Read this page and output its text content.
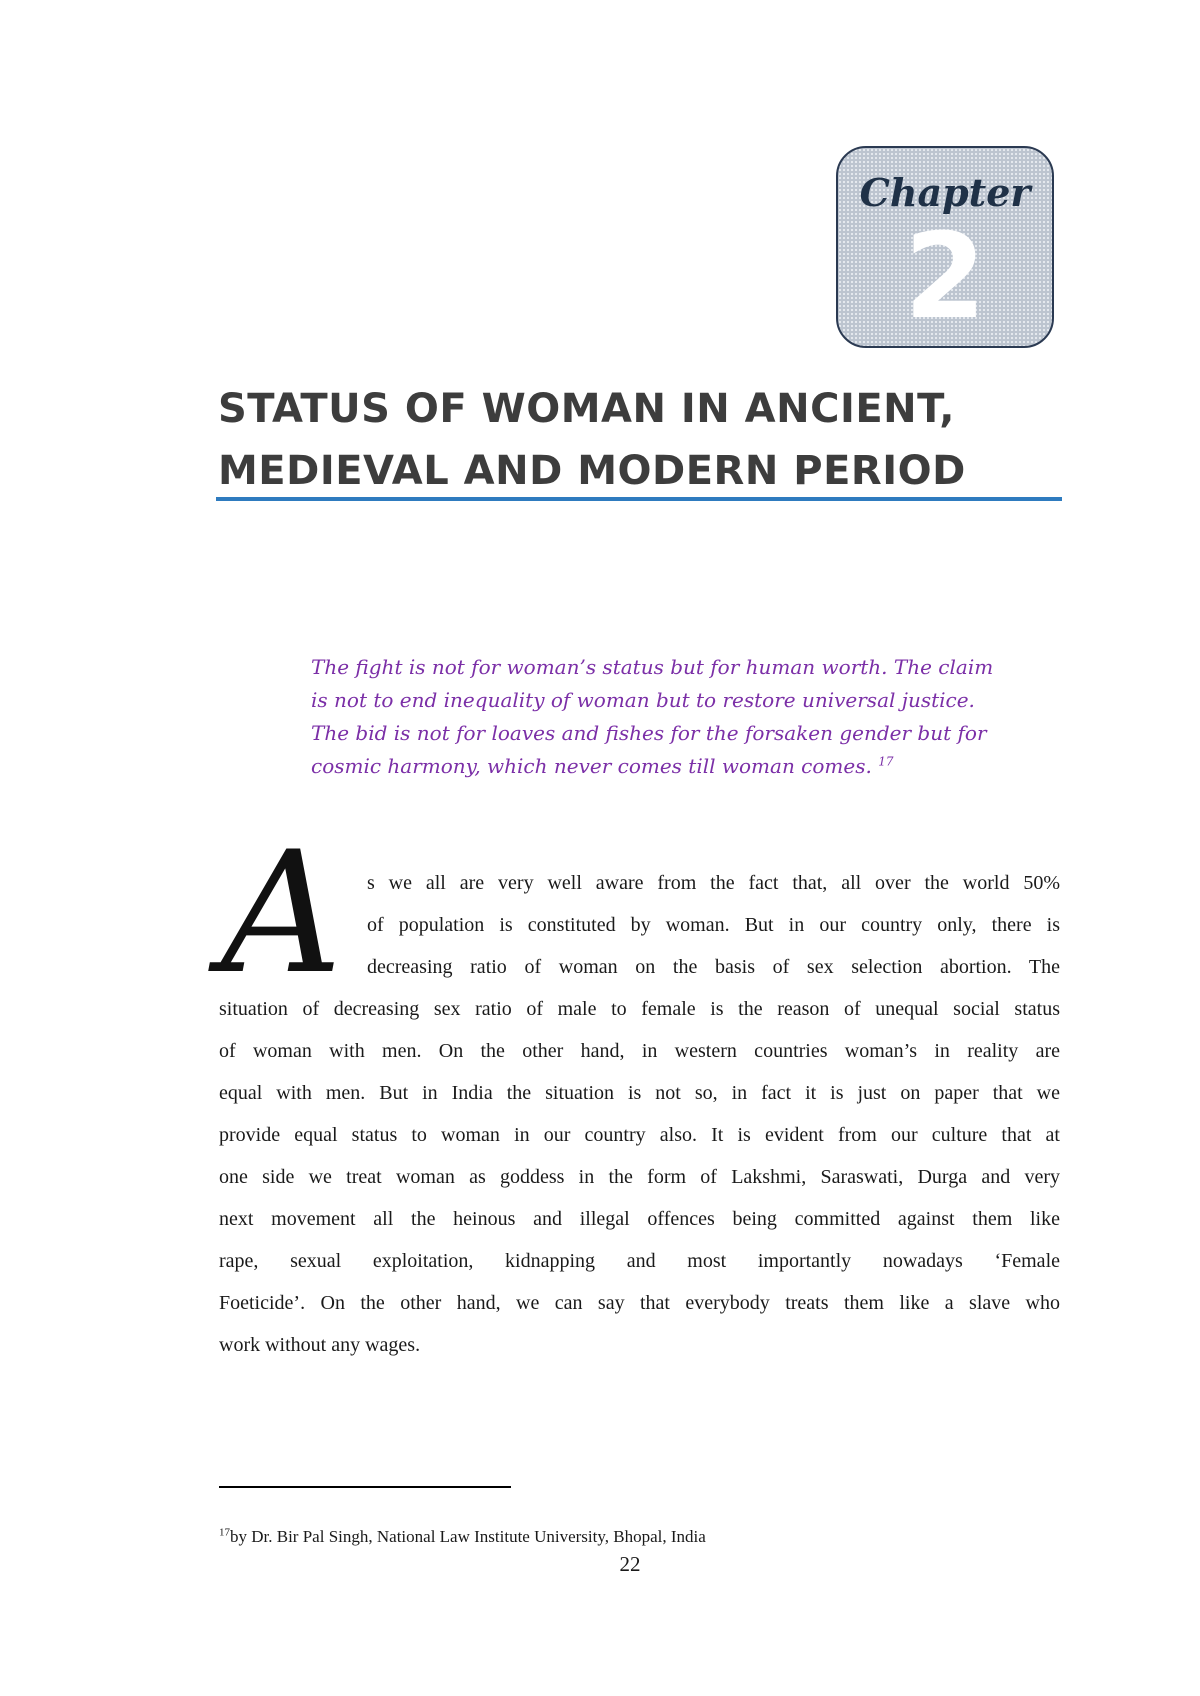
Chapter
2
STATUS OF WOMAN IN ANCIENT,
MEDIEVAL AND MODERN PERIOD
The fight is not for woman’s status but for human worth. The claim
is not to end inequality of woman but to restore universal justice.
The bid is not for loaves and fishes for the forsaken gender but for
cosmic harmony, which never comes till woman comes. $^{17}$
A	s we all are very well aware from the fact that, all over the world 50%
of population is constituted by woman. But in our country only, there is
decreasing ratio of woman on the basis of sex selection abortion. The
situation of decreasing sex ratio of male to female is the reason of unequal social status
of woman with men. On the other hand, in western countries woman’s in reality are
equal with men. But in India the situation is not so, in fact it is just on paper that we
provide equal status to woman in our country also. It is evident from our culture that at
one side we treat woman as goddess in the form of Lakshmi, Saraswati, Durga and very
next movement all the heinous and illegal offences being committed against them like
rape, sexual exploitation, kidnapping and most importantly nowadays ‘Female
Foeticide’. On the other hand, we can say that everybody treats them like a slave who
work without any wages.
$^{17}$by Dr. Bir Pal Singh, National Law Institute University, Bhopal, India
22
